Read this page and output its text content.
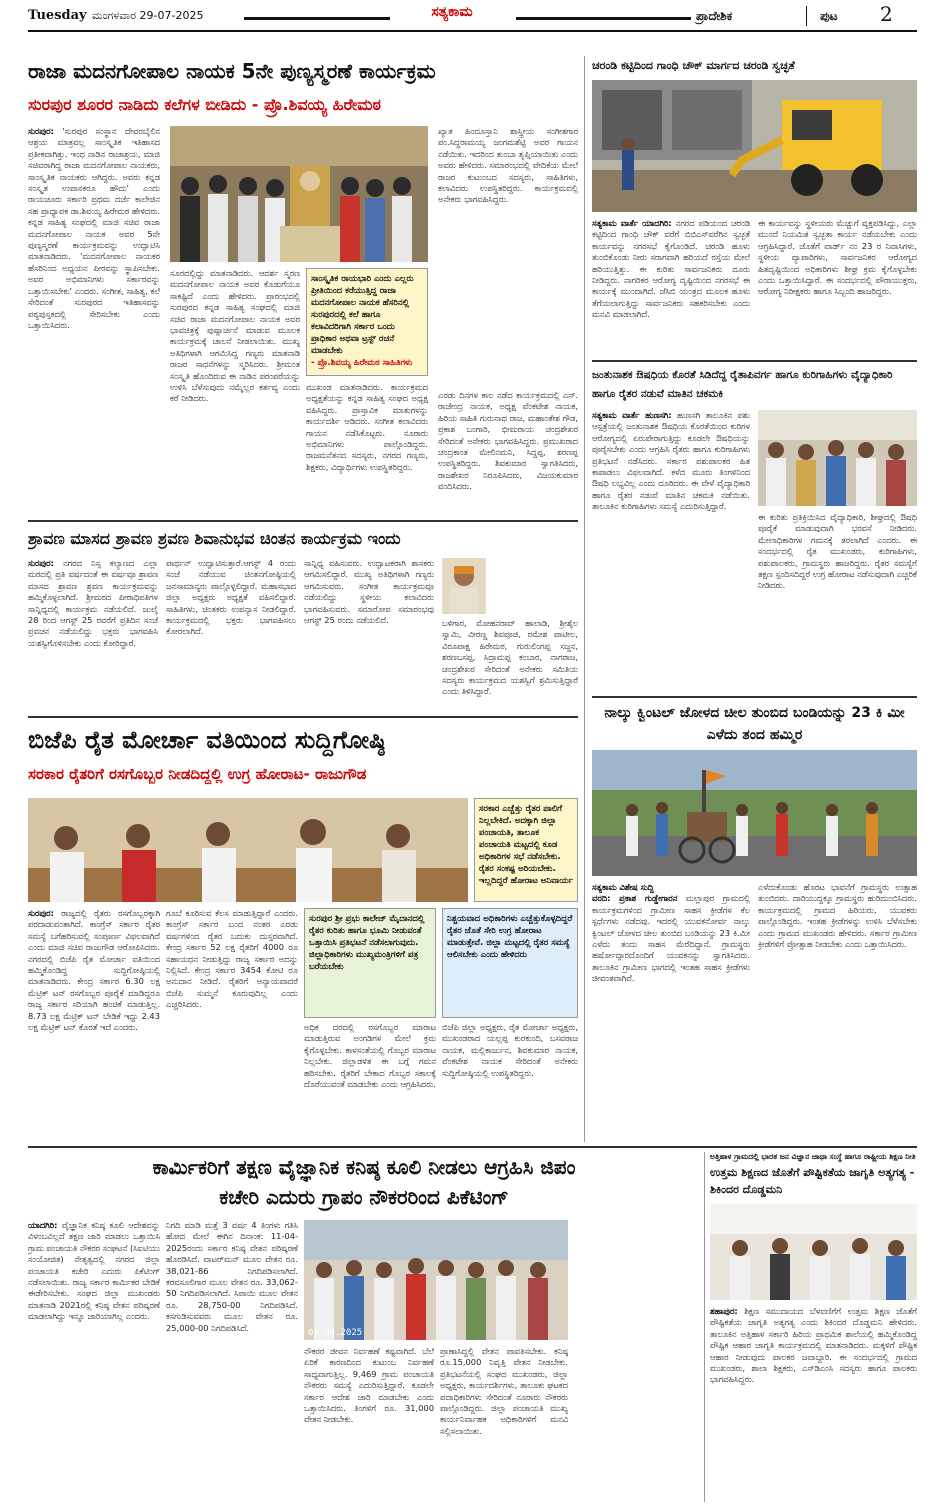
Tuesday ಮಂಗಳವಾರ 29-07-2025	ಸತ್ಯಕಾಮ	ಪ್ರಾದೇಶಿಕ	ಪುಟ 2
ರಾಜಾ ಮದನಗೋಪಾಲ ನಾಯಕ 5ನೇ ಪುಣ್ಯಸ್ಮರಣೆ ಕಾರ್ಯಕ್ರಮ
ಸುರಪುರ ಶೂರರ ನಾಡಿದು ಕಲೆಗಳ ಬೀಡಿದು - ಪ್ರೊ.ಶಿವಯ್ಯ ಹಿರೇಮಠ
ಸುರಪುರ: 'ಸುರಪುರ ಸಂಸ್ಥಾನ ದೇವರಬೈಲಿನ ಆಶ್ರಯ ಮಾತ್ರವಲ್ಲ ಸಾಂಸ್ಕೃತಿಕ ಇತಿಹಾಸದ ಪ್ರತೀಕವಾಗಿತ್ತು. ಇಂಥ ನಾಡಿನ ರಾಜಾಶ್ರಯ, ಮಾಜಿ ಸಚಿವರಾಗಿದ್ದ ರಾಜಾ ಮದನಗೋಪಾಲ ನಾಯಕರು, ಸಾಂಸ್ಕೃತಿಕ ನಾಯಕರು ಆಗಿದ್ದರು. ಅವರು ಕನ್ನಡ ಸಂಸ್ಕೃತ ಉಪಾಸಕರೂ ಹೌದು' ಎಂದು ರಾಯಚೂರು ಸರ್ಕಾರಿ ಪ್ರಥಮ ದರ್ಜೆ ಕಾಲೇಜಿನ ಸಹ ಪ್ರಾಧ್ಯಾಪಕ ಡಾ.ಶಿವಯ್ಯ ಹಿರೇಮಠ ಹೇಳಿದರು. ಕನ್ನಡ ಸಾಹಿತ್ಯ ಸಂಘದಲ್ಲಿ ಮಾಜಿ ಸಚಿವ ರಾಜಾ ಮದನಗೋಪಾಲ ನಾಯಕ ಅವರ 5ನೇ ಪುಣ್ಯಸ್ಮರಣೆ ಕಾರ್ಯಕ್ರಮವನ್ನು ಉದ್ಘಾಟಿಸಿ ಮಾತನಾಡಿದರು. 'ಮದನಗೋಪಾಲ ನಾಯಕರ ಹೆಸರಿನಿಂದ ಅಧ್ಯಯನ ಪೀಠವನ್ನು ಸ್ಥಾಪಿಸಬೇಕು. ಅವರ ಅಭಿಮಾನಿಗಳು ಸರ್ಕಾರವನ್ನು ಒತ್ತಾಯಿಸಬೇಕು' ಎಂದರು. ಸಂಗೀತ, ಸಾಹಿತ್ಯ, ಕಲೆ ಸೇರಿದಂತೆ ಸುರಪುರದ ಇತಿಹಾಸವನ್ನು ಪಠ್ಯಪುಸ್ತಕದಲ್ಲಿ ಸೇರಿಸಬೇಕು ಎಂದು ಒತ್ತಾಯಿಸಿದರು.
ಸೂರದಲ್ಲಿದ್ದು ಮಾತನಾಡಿದರು. ಆದರ್ಶ ಸ್ಮರಣ ಮದನಗೋಪಾಲ ನಾಯಕ ಅವರ ಕೊಡುಗೆಯೂ ಸಾಕಷ್ಟಿದೆ ಎಂದು ಹೇಳಿದರು. ಪ್ರಾರಂಭದಲ್ಲಿ ಸುರಪುರದ ಕನ್ನಡ ಸಾಹಿತ್ಯ ಸಂಘದಲ್ಲಿ ಮಾಜಿ ಸಚಿವ ರಾಜಾ ಮದನಗೋಪಾಲ ನಾಯಕ ಅವರ ಭಾವಚಿತ್ರಕ್ಕೆ ಪುಷ್ಪಾರ್ಚನೆ ಮಾಡುವ ಮೂಲಕ ಕಾರ್ಯಕ್ರಮಕ್ಕೆ ಚಾಲನೆ ನೀಡಲಾಯಿತು. ಮುಖ್ಯ ಅತಿಥಿಗಳಾಗಿ ಆಗಮಿಸಿದ್ದ ಗಣ್ಯರು ಮಾತನಾಡಿ ರಾಜರ ಸಾಧನೆಗಳನ್ನು ಸ್ಮರಿಸಿದರು. ಶ್ರೀಮಂತ ಸಂಸ್ಕೃತಿ ಹೊಂದಿರುವ ಈ ನಾಡಿನ ಪರಂಪರೆಯನ್ನು ಉಳಿಸಿ ಬೆಳೆಸುವುದು ನಮ್ಮೆಲ್ಲರ ಕರ್ತವ್ಯ ಎಂದು ಕರೆ ನೀಡಿದರು.
ಸಾಂಸ್ಕೃತಿಕ ರಾಯಭಾರಿ ಎಂದು ಎಲ್ಲರು ಪ್ರೀತಿಯಿಂದ ಕರೆಯುತ್ತಿದ್ದ ರಾಜಾ ಮದನಗೋಪಾಲ ನಾಯಕ ಹೆಸರಿನಲ್ಲಿ ಸುರಪುರದಲ್ಲಿ ಕಲೆ ಹಾಗೂ ಕಲಾವಿದರಿಗಾಗಿ ಸರ್ಕಾರ ಒಂದು ಪ್ರಾಧಿಕಾರ ಅಥವಾ ಟ್ರಸ್ಟ್ ರಚನೆ ಮಾಡಬೇಕು
- ಪ್ರೊ.ಶಿವಯ್ಯ ಹಿರೇಮಠ ಸಾಹಿತಿಗಳು
ಮುಖಂಡ ಮಾತನಾಡಿದರು. ಕಾರ್ಯಕ್ರಮದ ಅಧ್ಯಕ್ಷತೆಯನ್ನು ಕನ್ನಡ ಸಾಹಿತ್ಯ ಸಂಘದ ಅಧ್ಯಕ್ಷ ವಹಿಸಿದ್ದರು. ಪ್ರಾಸ್ತಾವಿಕ ಮಾತುಗಳನ್ನು ಕಾರ್ಯದರ್ಶಿ ಆಡಿದರು. ಸಂಗೀತ ಕಲಾವಿದರು ಗಾಯನ ನಡೆಸಿಕೊಟ್ಟರು. ನೂರಾರು ಅಭಿಮಾನಿಗಳು ಪಾಲ್ಗೊಂಡಿದ್ದರು. ರಾಜಮನೆತನದ ಸದಸ್ಯರು, ನಗರದ ಗಣ್ಯರು, ಶಿಕ್ಷಕರು, ವಿದ್ಯಾರ್ಥಿಗಳು ಉಪಸ್ಥಿತರಿದ್ದರು.
ಖ್ಯಾತ ಹಿಂದೂಸ್ತಾನಿ ಶಾಸ್ತ್ರೀಯ ಸಂಗೀತಗಾರ ಪಂ.ಸಿದ್ಧರಾಮಯ್ಯ ಜಂಗಮಶೆಟ್ಟಿ ಅವರ ಗಾಯನ ನಡೆಯಿತು. ಇದರಿಂದ ತುಂಬಾ ತೃಪ್ತಿಯಾಯಿತು ಎಂದು ಅವರು ಹೇಳಿದರು. ಸಮಾರಂಭದಲ್ಲಿ ವೇದಿಕೆಯ ಮೇಲೆ ರಾಜರ ಕುಟುಂಬದ ಸದಸ್ಯರು, ಸಾಹಿತಿಗಳು, ಕಲಾವಿದರು ಉಪಸ್ಥಿತರಿದ್ದರು. ಕಾರ್ಯಕ್ರಮದಲ್ಲಿ ಅನೇಕರು ಭಾಗವಹಿಸಿದ್ದರು.
ಎರಡು ದಿನಗಳ ಕಾಲ ನಡೆದ ಕಾರ್ಯಕ್ರಮದಲ್ಲಿ ಎಸ್. ರಾಜೇಂದ್ರ ನಾಯಕ, ಅಧ್ಯಕ್ಷ ವೆಂಕಟೇಶ ನಾಯಕ, ಹಿರಿಯ ಸಾಹಿತಿ ಗುರುನಾಥ ರಾಜ, ಮಹಾಂತೇಶ ಗೌಡ, ಪ್ರಕಾಶ ಬಂಗಾರಿ, ಭೀಮರಾಯ ಚಂದ್ರಶೇಖರ ಸೇರಿದಂತೆ ಅನೇಕರು ಭಾಗವಹಿಸಿದ್ದರು. ಪ್ರಮುಖರಾದ ಚಂದ್ರಕಾಂತ ಮೇಲಿನಮನಿ, ಸಿದ್ದಪ್ಪ, ಶರಣಪ್ಪ ಉಪಸ್ಥಿತರಿದ್ದರು. ಶಿವಕುಮಾರ ಸ್ವಾಗತಿಸಿದರು, ರಾಜಶೇಖರ ನಿರೂಪಿಸಿದರು, ವಿಜಯಕುಮಾರ ವಂದಿಸಿದರು.
ಶ್ರಾವಣ ಮಾಸದ ಶ್ರಾವಣ ಶ್ರವಣ ಶಿವಾನುಭವ ಚಿಂತನ ಕಾರ್ಯಕ್ರಮ ಇಂದು
ಸುರಪುರ: ನಗರದ ನಿಸ್ಸ ಕಲ್ಯಾಣದ ಎಲ್ಲಾ ಮಠದಲ್ಲಿ ಪ್ರತಿ ವರ್ಷದಂತೆ ಈ ವರ್ಷವೂ ಶ್ರಾವಣ ಮಾಸದ ಶ್ರಾವಣ ಶ್ರವಣ ಕಾರ್ಯಕ್ರಮವನ್ನು ಹಮ್ಮಿಕೊಳ್ಳಲಾಗಿದೆ. ಶ್ರೀಮಠದ ಪೀಠಾಧಿಪತಿಗಳ ಸಾನ್ನಿಧ್ಯದಲ್ಲಿ ಕಾರ್ಯಕ್ರಮ ನಡೆಯಲಿದೆ. ಜುಲೈ 28 ರಿಂದ ಆಗಸ್ಟ್ 25 ರವರೆಗೆ ಪ್ರತಿದಿನ ಸಂಜೆ ಪ್ರವಚನ ನಡೆಯಲಿದ್ದು ಭಕ್ತರು ಭಾಗವಹಿಸಿ ಯಶಸ್ವಿಗೊಳಿಸಬೇಕು ಎಂದು ಕೋರಿದ್ದಾರೆ.
ಪಾರ್ಥನ್ ಉದ್ಘಾಟಿಸುತ್ತಾರೆ.ಆಗಸ್ಟ್ 4 ರಂದು ಸಂಜೆ ನಡೆಯುವ ಚಿಂತನಗೋಷ್ಠಿಯಲ್ಲಿ ಜನಸಾಮಾನ್ಯರು ಪಾಲ್ಗೊಳ್ಳಲಿದ್ದಾರೆ. ಮಹಾಸಭಾದ ಜಿಲ್ಲಾ ಅಧ್ಯಕ್ಷರು ಅಧ್ಯಕ್ಷತೆ ವಹಿಸಲಿದ್ದಾರೆ. ಸಾಹಿತಿಗಳು, ಚಿಂತಕರು ಉಪನ್ಯಾಸ ನೀಡಲಿದ್ದಾರೆ. ಕಾರ್ಯಕ್ರಮದಲ್ಲಿ ಭಕ್ತರು ಭಾಗವಹಿಸಲು ಕೋರಲಾಗಿದೆ.
ಸಾನ್ನಿಧ್ಯ ವಹಿಸುವರು. ಉದ್ಘಾಟಕರಾಗಿ ಶಾಸಕರು ಆಗಮಿಸಲಿದ್ದಾರೆ. ಮುಖ್ಯ ಅತಿಥಿಗಳಾಗಿ ಗಣ್ಯರು ಆಗಮಿಸುವರು. ಸಂಗೀತ ಕಾರ್ಯಕ್ರಮವೂ ನಡೆಯಲಿದ್ದು ಸ್ಥಳೀಯ ಕಲಾವಿದರು ಭಾಗವಹಿಸುವರು. ಸಮಾರೋಪ ಸಮಾರಂಭವು ಆಗಸ್ಟ್ 25 ರಂದು ನಡೆಯಲಿದೆ.	ಬಳಿಗಾರ, ಮೋಹನರಾವ್ ಹಾಲಾಡಿ, ಶ್ರೀಶೈಲ ಸ್ವಾಮಿ, ವೀರಣ್ಣ ಶಿವಪೂಜಿ, ರಮೇಶ ಪಾಟೀಲ, ವಿರೂಪಾಕ್ಷ ಹಿರೇಮಠ, ಗುರುಲಿಂಗಪ್ಪ ಸಜ್ಜನ, ಶರಣಬಸಪ್ಪ, ಸಿದ್ರಾಮಪ್ಪ ಕಂಬಾರ, ನಾಗರಾಜ, ಚಂದ್ರಶೇಖರ ಸೇರಿದಂತೆ ಅನೇಕರು ಸಮಿತಿಯ ಸದಸ್ಯರು ಕಾರ್ಯಕ್ರಮದ ಯಶಸ್ವಿಗೆ ಶ್ರಮಿಸುತ್ತಿದ್ದಾರೆ ಎಂದು ತಿಳಿಸಿದ್ದಾರೆ.
ಬಿಜೆಪಿ ರೈತ ಮೋರ್ಚಾ ವತಿಯಿಂದ ಸುದ್ದಿಗೋಷ್ಠಿ
ಸರಕಾರ ರೈತರಿಗೆ ರಸಗೊಬ್ಬರ ನೀಡದಿದ್ದಲ್ಲಿ ಉಗ್ರ ಹೋರಾಟ- ರಾಜುಗೌಡ
ಸರಕಾರ ಎಚ್ಚೆತ್ತು ರೈತರ ಪಾಲಿಗೆ ನಿಲ್ಲಬೇಕಿದೆ. ಅದಕ್ಕಾಗಿ ಜಿಲ್ಲಾ ಪಂಚಾಯತಿ, ತಾಲೂಕ ಪಂಚಾಯತಿ ಮಟ್ಟದಲ್ಲಿ ಕೂಡ ಅಧಿಕಾರಿಗಳ ಸಭೆ ನಡೆಸಬೇಕು. ರೈತರ ಸಂಕಷ್ಟ ಅರಿಯಬೇಕು. ಇಲ್ಲದಿದ್ದರೆ ಹೋರಾಟ ಅನಿವಾರ್ಯ
ಸುರಪುರ: ರಾಜ್ಯದಲ್ಲಿ ರೈತರು ರಸಗೊಬ್ಬರಕ್ಕಾಗಿ ಪರದಾಡುವಂತಾಗಿದೆ. ಕಾಂಗ್ರೆಸ್ ಸರ್ಕಾರ ರೈತರ ಸಮಸ್ಯೆ ಬಗೆಹರಿಸುವಲ್ಲಿ ಸಂಪೂರ್ಣ ವಿಫಲವಾಗಿದೆ ಎಂದು ಮಾಜಿ ಸಚಿವ ರಾಜುಗೌಡ ಆರೋಪಿಸಿದರು. ನಗರದಲ್ಲಿ ಬಿಜೆಪಿ ರೈತ ಮೋರ್ಚಾ ವತಿಯಿಂದ ಹಮ್ಮಿಕೊಂಡಿದ್ದ ಸುದ್ದಿಗೋಷ್ಠಿಯಲ್ಲಿ ಮಾತನಾಡಿದರು. ಕೇಂದ್ರ ಸರ್ಕಾರ 6.30 ಲಕ್ಷ ಮೆಟ್ರಿಕ್ ಟನ್ ರಸಗೊಬ್ಬರ ಪೂರೈಕೆ ಮಾಡಿದ್ದರೂ ರಾಜ್ಯ ಸರ್ಕಾರ ಸರಿಯಾಗಿ ಹಂಚಿಕೆ ಮಾಡುತ್ತಿಲ್ಲ. 8.73 ಲಕ್ಷ ಮೆಟ್ರಿಕ್ ಟನ್ ಬೇಡಿಕೆ ಇದ್ದು 2.43 ಲಕ್ಷ ಮೆಟ್ರಿಕ್ ಟನ್ ಕೊರತೆ ಇದೆ ಎಂದರು.
ಗೂಬೆ ಕೂರಿಸುವ ಕೆಲಸ ಮಾಡುತ್ತಿದ್ದಾರೆ ಎಂದರು. ಕಾಂಗ್ರೆಸ್ ಸರ್ಕಾರ ಬಂದ ನಂತರ ಎರಡು ವರ್ಷಗಳಿಂದ ರೈತರ ಬದುಕು ದುಸ್ತರವಾಗಿದೆ. ಕೇಂದ್ರ ಸರ್ಕಾರ 52 ಲಕ್ಷ ರೈತರಿಗೆ 4000 ರೂ ಸಹಾಯಧನ ನೀಡುತ್ತಿದ್ದು ರಾಜ್ಯ ಸರ್ಕಾರ ಅದನ್ನು ನಿಲ್ಲಿಸಿದೆ. ಕೇಂದ್ರ ಸರ್ಕಾರ 3454 ಕೋಟಿ ರೂ ಅನುದಾನ ನೀಡಿದೆ. ರೈತರಿಗೆ ಅನ್ಯಾಯವಾದರೆ ಬಿಜೆಪಿ ಸುಮ್ಮನೆ ಕೂರುವುದಿಲ್ಲ ಎಂದು ಎಚ್ಚರಿಸಿದರು.
ಸುರಪುರ ಶ್ರೀ ಪ್ರಭು ಕಾಲೇಜ್ ಮೈದಾನದಲ್ಲಿ ರೈತರ ಕುರಿತು ಹಾಗೂ ಭೂಮಿ ನೀಡುವಂತೆ ಒತ್ತಾಯಿಸಿ ಪ್ರತಿಭಟನೆ ನಡೆಸಲಾಗುವುದು. ಜಿಲ್ಲಾಧಿಕಾರಿಗಳು ಮುಖ್ಯಮಂತ್ರಿಗಳಿಗೆ ಪತ್ರ ಬರೆಯಬೇಕು
ಅಧಿಕ ದರದಲ್ಲಿ ರಸಗೊಬ್ಬರ ಮಾರಾಟ ಮಾಡುತ್ತಿರುವ ಅಂಗಡಿಗಳ ಮೇಲೆ ಕ್ರಮ ಕೈಗೊಳ್ಳಬೇಕು. ಕಾಳಸಂತೆಯಲ್ಲಿ ಗೊಬ್ಬರ ಮಾರಾಟ ನಿಲ್ಲಬೇಕು. ಜಿಲ್ಲಾಡಳಿತ ಈ ಬಗ್ಗೆ ಗಮನ ಹರಿಸಬೇಕು. ರೈತರಿಗೆ ಬೇಕಾದ ಗೊಬ್ಬರ ಸಕಾಲಕ್ಕೆ ದೊರೆಯುವಂತೆ ಮಾಡಬೇಕು ಎಂದು ಆಗ್ರಹಿಸಿದರು.
ನಿಶ್ಚಯವಾದ ಅಧಿಕಾರಿಗಳು ಎಚ್ಚೆತ್ತುಕೊಳ್ಳದಿದ್ದರೆ ರೈತರ ಜೊತೆ ಸೇರಿ ಉಗ್ರ ಹೋರಾಟ ಮಾಡುತ್ತೇವೆ. ಜಿಲ್ಲಾ ಮಟ್ಟದಲ್ಲಿ ರೈತರ ಸಮಸ್ಯೆ ಆಲಿಸಬೇಕು ಎಂದು ಹೇಳಿದರು
ಬಿಜೆಪಿ ಜಿಲ್ಲಾ ಅಧ್ಯಕ್ಷರು, ರೈತ ಮೋರ್ಚಾ ಅಧ್ಯಕ್ಷರು, ಮುಖಂಡರಾದ ಯಲ್ಲಪ್ಪ ಕುರಕುಂದಿ, ಬಸವರಾಜ ನಾಯಕ, ಮಲ್ಲಿಕಾರ್ಜುನ, ಶಿವಕುಮಾರ ನಾಯಕ, ವೆಂಕಟೇಶ ನಾಯಕ ಸೇರಿದಂತೆ ಅನೇಕರು ಸುದ್ದಿಗೋಷ್ಠಿಯಲ್ಲಿ ಉಪಸ್ಥಿತರಿದ್ದರು.
ಚರಂಡಿ ಕಟ್ಟಿದಿಂದ ಗಾಂಧಿ ಚೌಕ್ ಮಾರ್ಗದ ಚರಂಡಿ ಸ್ವಚ್ಛತೆ
ಸತ್ಯಕಾಮ ವಾರ್ತೆ ಯಾದಗಿರಿ: ನಗರದ ಪಡಿಯಂದ ಚರಂಡಿ ಕಟ್ಟಿದಿಂದ ಗಾಂಧಿ ಚೌಕ್ ವರೆಗೆ ಬಿಬಿಎಸ್‌ವರೆಗಿನ ಸ್ವಚ್ಛತೆ ಕಾರ್ಯವನ್ನು ನಗರಸಭೆ ಕೈಗೊಂಡಿದೆ. ಚರಂಡಿ ಹೂಳು ತುಂಬಿಕೊಂಡು ನೀರು ಸರಾಗವಾಗಿ ಹರಿಯದೆ ರಸ್ತೆಯ ಮೇಲೆ ಹರಿಯುತ್ತಿತ್ತು. ಈ ಕುರಿತು ಸಾರ್ವಜನಿಕರು ದೂರು ನೀಡಿದ್ದರು. ನಾಗರಿಕರ ಆರೋಗ್ಯ ದೃಷ್ಟಿಯಿಂದ ನಗರಸಭೆ ಈ ಕಾರ್ಯಕ್ಕೆ ಮುಂದಾಗಿದೆ. ಜೆಸಿಬಿ ಯಂತ್ರದ ಮೂಲಕ ಹೂಳು ತೆಗೆಯಲಾಗುತ್ತಿದ್ದು ಸಾರ್ವಜನಿಕರು ಸಹಕರಿಸಬೇಕು ಎಂದು ಮನವಿ ಮಾಡಲಾಗಿದೆ.
ಈ ಕಾರ್ಯವನ್ನು ಸ್ಥಳೀಯರು ಮೆಚ್ಚುಗೆ ವ್ಯಕ್ತಪಡಿಸಿದ್ದು, ಎಲ್ಲಾ ಮುಂದೆ ನಿಯಮಿತ ಸ್ವಚ್ಛತಾ ಕಾರ್ಯ ನಡೆಯಬೇಕು ಎಂದು ಆಗ್ರಹಿಸಿದ್ದಾರೆ. ಜೊತೆಗೆ ವಾರ್ಡ್ ನಂ 23 ರ ನಿವಾಸಿಗಳು, ಸ್ಥಳೀಯ ವ್ಯಾಪಾರಿಗಳು, ಸಾರ್ವಜನಿಕರ ಆರೋಗ್ಯದ ಹಿತದೃಷ್ಟಿಯಿಂದ ಅಧಿಕಾರಿಗಳು ಶೀಘ್ರ ಕ್ರಮ ಕೈಗೊಳ್ಳಬೇಕು ಎಂದು ಒತ್ತಾಯಿಸಿದ್ದಾರೆ. ಈ ಸಂದರ್ಭದಲ್ಲಿ ಪೌರಾಯುಕ್ತರು, ಆರೋಗ್ಯ ನಿರೀಕ್ಷಕರು ಹಾಗೂ ಸಿಬ್ಬಂದಿ ಹಾಜರಿದ್ದರು.
ಜಂತುನಾಶಕ ಔಷಧಿಯ ಕೊರತೆ ಸಿಡಿದೆದ್ದ ರೈತಾಪಿವರ್ಗ ಹಾಗೂ ಕುರಿಗಾಹಿಗಳು ವೈದ್ಯಾಧಿಕಾರಿ ಹಾಗೂ ರೈತರ ನಡುವೆ ಮಾತಿನ ಚಕಮಕಿ
ಸತ್ಯಕಾಮ ವಾರ್ತೆ ಹುಣಸಗಿ: ಹುಣಸಗಿ ತಾಲೂಕಿನ ಪಶು ಆಸ್ಪತ್ರೆಯಲ್ಲಿ ಜಂತುನಾಶಕ ಔಷಧಿಯ ಕೊರತೆಯಿಂದ ಕುರಿಗಳ ಆರೋಗ್ಯದಲ್ಲಿ ಏರುಪೇರಾಗುತ್ತಿದ್ದು ಕೂಡಲೇ ಔಷಧಿಯನ್ನು ಪೂರೈಸಬೇಕು ಎಂದು ಆಗ್ರಹಿಸಿ ರೈತರು ಹಾಗೂ ಕುರಿಗಾಹಿಗಳು ಪ್ರತಿಭಟನೆ ನಡೆಸಿದರು. ಸರ್ಕಾರ ಪಶುಪಾಲಕರ ಹಿತ ಕಾಪಾಡಲು ವಿಫಲವಾಗಿದೆ. ಕಳೆದ ಮೂರು ತಿಂಗಳಿನಿಂದ ಔಷಧಿ ಲಭ್ಯವಿಲ್ಲ ಎಂದು ದೂರಿದರು. ಈ ವೇಳೆ ವೈದ್ಯಾಧಿಕಾರಿ ಹಾಗೂ ರೈತರ ನಡುವೆ ಮಾತಿನ ಚಕಮಕಿ ನಡೆಯಿತು. ತಾಲೂಕಿನ ಕುರಿಗಾಹಿಗಳು ಸಮಸ್ಯೆ ಎದುರಿಸುತ್ತಿದ್ದಾರೆ.
ಈ ಕುರಿತು ಪ್ರತಿಕ್ರಿಯಿಸಿದ ವೈದ್ಯಾಧಿಕಾರಿ, ಶೀಘ್ರದಲ್ಲಿ ಔಷಧಿ ಪೂರೈಕೆ ಮಾಡುವುದಾಗಿ ಭರವಸೆ ನೀಡಿದರು. ಮೇಲಾಧಿಕಾರಿಗಳ ಗಮನಕ್ಕೆ ತರಲಾಗಿದೆ ಎಂದರು. ಈ ಸಂದರ್ಭದಲ್ಲಿ ರೈತ ಮುಖಂಡರು, ಕುರಿಗಾಹಿಗಳು, ಪಶುಪಾಲಕರು, ಗ್ರಾಮಸ್ಥರು ಹಾಜರಿದ್ದರು. ರೈತರ ಸಮಸ್ಯೆಗೆ ತಕ್ಷಣ ಸ್ಪಂದಿಸದಿದ್ದರೆ ಉಗ್ರ ಹೋರಾಟ ನಡೆಸುವುದಾಗಿ ಎಚ್ಚರಿಕೆ ನೀಡಿದರು.
ನಾಲ್ಕು ಕ್ವಿಂಟಲ್ ಜೋಳದ ಚೀಲ ತುಂಬಿದ ಬಂಡಿಯನ್ನು 23 ಕಿ ಮೀ ಎಳೆದು ತಂದ ಹಮ್ಮಿರ
ಸತ್ಯಕಾಮ ವಿಶೇಷ ಸುದ್ದಿ
ವರದಿ: ಪ್ರಕಾಶ ಗುಡ್ಡೇಗಾರನ ಮಲ್ಲಾಪುರ ಗ್ರಾಮದಲ್ಲಿ ಕಾರ್ಯಕ್ರಮಗಳಿಂದ ಗ್ರಾಮೀಣ ಸಾಹಸ ಕ್ರೀಡೆಗಳ ಕೆಲ ಸ್ಪರ್ಧೆಗಳು ನಡೆದವು. ಇದರಲ್ಲಿ ಯುವಕನೋರ್ವ ನಾಲ್ಕು ಕ್ವಿಂಟಲ್ ಜೋಳದ ಚೀಲ ತುಂಬಿದ ಬಂಡಿಯನ್ನು 23 ಕಿ.ಮೀ ಎಳೆದು ತಂದು ಸಾಹಸ ಮೆರೆದಿದ್ದಾನೆ. ಗ್ರಾಮಸ್ಥರು ಹರ್ಷೋದ್ಗಾರದೊಂದಿಗೆ ಯುವಕನನ್ನು ಸ್ವಾಗತಿಸಿದರು. ತಾಲೂಕಿನ ಗ್ರಾಮೀಣ ಭಾಗದಲ್ಲಿ ಇಂತಹ ಸಾಹಸ ಕ್ರೀಡೆಗಳು ಜೀವಂತವಾಗಿವೆ.
ಎಳೆದುಕೊಂಡು ಹೊರಟ ಭಾವನೆಗೆ ಗ್ರಾಮಸ್ಥರು ಉತ್ಸಾಹ ತುಂಬಿದರು. ದಾರಿಯುದ್ದಕ್ಕೂ ಗ್ರಾಮಸ್ಥರು ಹುರಿದುಂಬಿಸಿದರು. ಕಾರ್ಯಕ್ರಮದಲ್ಲಿ ಗ್ರಾಮದ ಹಿರಿಯರು, ಯುವಕರು ಪಾಲ್ಗೊಂಡಿದ್ದರು. ಇಂತಹ ಕ್ರೀಡೆಗಳನ್ನು ಉಳಿಸಿ ಬೆಳೆಸಬೇಕು ಎಂದು ಗ್ರಾಮದ ಮುಖಂಡರು ಹೇಳಿದರು. ಸರ್ಕಾರ ಗ್ರಾಮೀಣ ಕ್ರೀಡೆಗಳಿಗೆ ಪ್ರೋತ್ಸಾಹ ನೀಡಬೇಕು ಎಂದು ಒತ್ತಾಯಿಸಿದರು.
ಕಾರ್ಮಿಕರಿಗೆ ತಕ್ಷಣ ವೈಜ್ಞಾನಿಕ ಕನಿಷ್ಠ ಕೂಲಿ ನೀಡಲು ಆಗ್ರಹಿಸಿ ಜಿಪಂ
ಕಚೇರಿ ಎದುರು ಗ್ರಾಪಂ ನೌಕರರಿಂದ ಪಿಕೆಟಿಂಗ್
ಯಾದಗಿರಿ: ವೈಜ್ಞಾನಿಕ ಕನಿಷ್ಠ ಕೂಲಿ ಆದೇಶವನ್ನು ವಿಳಂಬವಿಲ್ಲದೆ ತಕ್ಷಣ ಜಾರಿ ಮಾಡಲು ಒತ್ತಾಯಿಸಿ ಗ್ರಾಮ ಪಂಚಾಯತಿ ನೌಕರರ ಸಂಘಟನೆ (ಸಿಐಟಿಯು ಸಂಯೋಜಿತ) ನೇತೃತ್ವದಲ್ಲಿ ನಗರದ ಜಿಲ್ಲಾ ಪಂಚಾಯತಿ ಕಚೇರಿ ಎದುರು ಪಿಕೆಟಿಂಗ್ ನಡೆಸಲಾಯಿತು. ರಾಜ್ಯ ಸರ್ಕಾರ ಕಾರ್ಮಿಕರ ಬೇಡಿಕೆ ಈಡೇರಿಸಬೇಕು. ಸಂಘದ ಜಿಲ್ಲಾ ಮುಖಂಡರು ಮಾತನಾಡಿ 2021ರಲ್ಲಿ ಕನಿಷ್ಠ ವೇತನ ಪರಿಷ್ಕರಣೆ ಮಾಡಲಾಗಿದ್ದು ಇನ್ನೂ ಜಾರಿಯಾಗಿಲ್ಲ ಎಂದರು.
ನಿಗದಿ ಮಾಡಿ ಮತ್ತೆ 3 ವರ್ಷ 4 ತಿಂಗಳು ಗತಿಸಿ ಹೋದ ಮೇಲೆ ಈಗಿನ ದಿನಾಂಕ: 11-04-2025ರಂದು ಸರ್ಕಾರ ಕನಿಷ್ಠ ವೇತನ ಪರಿಷ್ಕರಣೆ ಹೊರಡಿಸಿದೆ. ವಾಟರ್‌ಮನ್ ಮೂಲ ವೇತನ ರೂ. 38,021-86 ನಿಗದಿಪಡಿಸಲಾಗಿದೆ. ಕರವಸೂಲಿಗಾರ ಮೂಲ ವೇತನ ರೂ. 33,062-50 ನಿಗದಿಪಡಿಸಲಾಗಿದೆ. ಸಿಪಾಯಿ ಮೂಲ ವೇತನ ರೂ. 28,750-00 ನಿಗದಿಪಡಿಸಿದೆ. ಕಸಗುಡಿಸುವವರು ಮೂಲ ವೇತನ ರೂ. 25,000-00 ನಿಗದಿಪಡಿಸಿದೆ.
01.04.2025
ನೌಕರರ ಜೀವನ ನಿರ್ವಹಣೆ ಕಷ್ಟವಾಗಿದೆ. ಬೆಲೆ ಏರಿಕೆ ಕಾರಣದಿಂದ ಕುಟುಂಬ ನಿರ್ವಹಣೆ ಸಾಧ್ಯವಾಗುತ್ತಿಲ್ಲ. 9,469 ಗ್ರಾಮ ಪಂಚಾಯತಿ ನೌಕರರು ಸಮಸ್ಯೆ ಎದುರಿಸುತ್ತಿದ್ದಾರೆ. ಕೂಡಲೇ ಸರ್ಕಾರ ಆದೇಶ ಜಾರಿ ಮಾಡಬೇಕು ಎಂದು ಒತ್ತಾಯಿಸಿದರು. ತಿಂಗಳಿಗೆ ರೂ. 31,000 ವೇತನ ನೀಡಬೇಕು.
ಪ್ರಾಣಾಸಿದ್ದಲ್ಲಿ ವೇತನ ಪಾವತಿಸಬೇಕು. ಕನಿಷ್ಠ ರೂ.15,000 ನಿವೃತ್ತಿ ವೇತನ ನೀಡಬೇಕು. ಪ್ರತಿಭಟನೆಯಲ್ಲಿ ಸಂಘದ ಮುಖಂಡರು, ಜಿಲ್ಲಾ ಅಧ್ಯಕ್ಷರು, ಕಾರ್ಯದರ್ಶಿಗಳು, ತಾಲೂಕು ಘಟಕದ ಪದಾಧಿಕಾರಿಗಳು ಸೇರಿದಂತೆ ನೂರಾರು ನೌಕರರು ಪಾಲ್ಗೊಂಡಿದ್ದರು. ಜಿಲ್ಲಾ ಪಂಚಾಯತಿ ಮುಖ್ಯ ಕಾರ್ಯನಿರ್ವಾಹಕ ಅಧಿಕಾರಿಗಳಿಗೆ ಮನವಿ ಸಲ್ಲಿಸಲಾಯಿತು.
ಅತ್ತಿಹಾಳ ಗ್ರಾಮದಲ್ಲಿ ಭಾರತ ಜನ ವಿಜ್ಞಾನ ಜಾಥಾ ಸಂಸ್ಥೆ ಹಾಗೂ ರಾಷ್ಟ್ರೀಯ ಶಿಕ್ಷಣ ನೀತಿ
ಉತ್ತಮ ಶಿಕ್ಷಣದ ಜೊತೆಗೆ ಪೌಷ್ಟಿಕತೆಯ ಜಾಗೃತಿ ಅತ್ಯಗತ್ಯ - ಶಿಕಿಂದರ ದೊಡ್ಡಮನಿ
ಶಹಾಪುರ: ಶಿಕ್ಷಣ ಸಮುದಾಯದ ಬೆಳವಣಿಗೆಗೆ ಉತ್ತಮ ಶಿಕ್ಷಣ ಜೊತೆಗೆ ಪೌಷ್ಟಿಕತೆಯ ಜಾಗೃತಿ ಅತ್ಯಗತ್ಯ ಎಂದು ಶಿಕಿಂದರ ದೊಡ್ಡಮನಿ ಹೇಳಿದರು. ತಾಲೂಕಿನ ಅತ್ತಿಹಾಳ ಸರ್ಕಾರಿ ಹಿರಿಯ ಪ್ರಾಥಮಿಕ ಶಾಲೆಯಲ್ಲಿ ಹಮ್ಮಿಕೊಂಡಿದ್ದ ಪೌಷ್ಟಿಕ ಆಹಾರ ಜಾಗೃತಿ ಕಾರ್ಯಕ್ರಮದಲ್ಲಿ ಮಾತನಾಡಿದರು. ಮಕ್ಕಳಿಗೆ ಪೌಷ್ಟಿಕ ಆಹಾರ ನೀಡುವುದು ಪಾಲಕರ ಜವಾಬ್ದಾರಿ. ಈ ಸಂದರ್ಭದಲ್ಲಿ ಗ್ರಾಮದ ಮುಖಂಡರು, ಶಾಲಾ ಶಿಕ್ಷಕರು, ಎಸ್‌ಡಿಎಂಸಿ ಸದಸ್ಯರು ಹಾಗೂ ಪಾಲಕರು ಭಾಗವಹಿಸಿದ್ದರು.
